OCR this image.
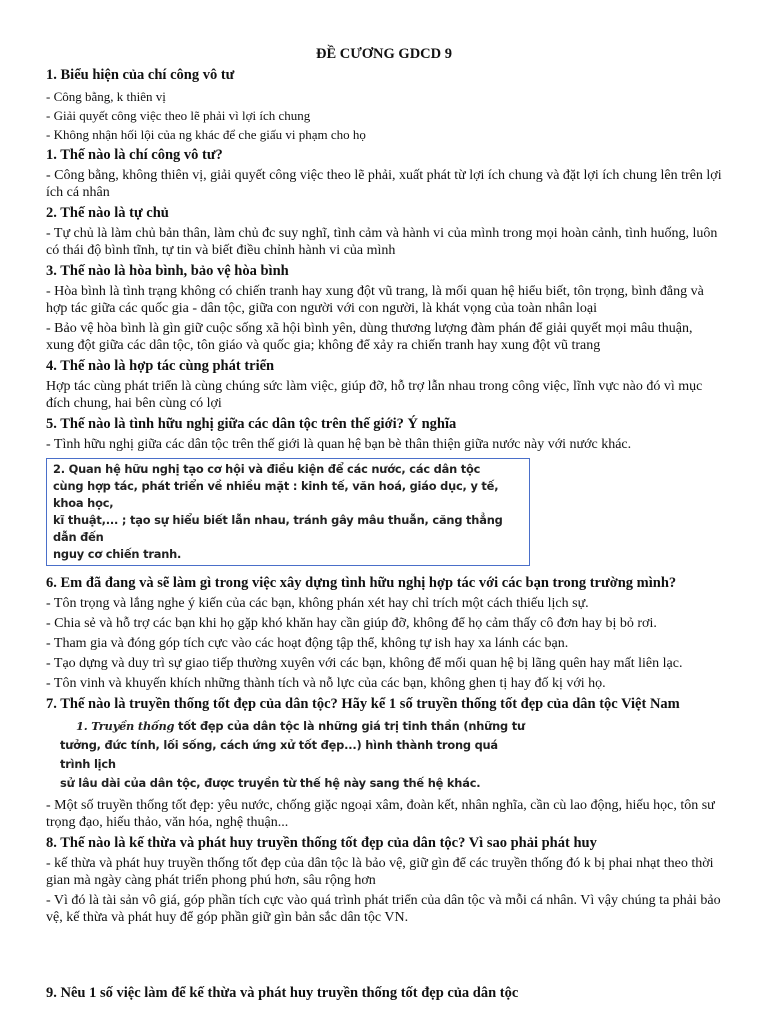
ĐỀ CƯƠNG GDCD 9
1. Biểu hiện của chí công vô tư
- Công bằng, k thiên vị
- Giải quyết công việc theo lẽ phải vì lợi ích chung
- Không nhận hối lội của ng khác để che giấu vi phạm cho họ
1. Thế nào là chí công vô tư?
- Công bằng, không thiên vị, giải quyết công việc theo lẽ phải, xuất phát từ lợi ích chung và đặt lợi ích chung lên trên lợi ích cá nhân
2. Thế nào là tự chủ
- Tự chủ là làm chủ bản thân, làm chủ đc suy nghĩ, tình cảm và hành vi của mình trong mọi hoàn cảnh, tình huống, luôn có thái độ bình tĩnh, tự tin và biết điều chỉnh hành vi của mình
3. Thế nào là hòa bình, bảo vệ hòa bình
- Hòa bình là tình trạng không có chiến tranh hay xung đột vũ trang, là mối quan hệ hiểu biết, tôn trọng, bình đẳng và hợp tác giữa các quốc gia - dân tộc, giữa con người với con người, là khát vọng của toàn nhân loại
- Bảo vệ hòa bình là gìn giữ cuộc sống xã hội bình yên, dùng thương lượng đàm phán để giải quyết mọi mâu thuận, xung đột giữa các dân tộc, tôn giáo và quốc gia; không để xảy ra chiến tranh hay xung đột vũ trang
4. Thế nào là hợp tác cùng phát triển
Hợp tác cùng phát triển là cùng chúng sức làm việc, giúp đỡ, hỗ trợ lẫn nhau trong công việc, lĩnh vực nào đó vì mục đích chung, hai bên cùng có lợi
5. Thế nào là tình hữu nghị giữa các dân tộc trên thế giới? Ý nghĩa
- Tình hữu nghị giữa các dân tộc trên thế giới là quan hệ bạn bè thân thiện giữa nước này với nước khác.
2. Quan hệ hữu nghị tạo cơ hội và điều kiện để các nước, các dân tộc
cùng hợp tác, phát triển về nhiều mặt : kinh tế, văn hoá, giáo dục, y tế, khoa học,
kĩ thuật,... ; tạo sự hiểu biết lẫn nhau, tránh gây mâu thuẫn, căng thẳng dẫn đến
nguy cơ chiến tranh.
6. Em đã đang và sẽ làm gì trong việc xây dựng tình hữu nghị hợp tác với các bạn trong trường mình?
- Tôn trọng và lắng nghe ý kiến của các bạn, không phán xét hay chỉ trích một cách thiếu lịch sự.
- Chia sẻ và hỗ trợ các bạn khi họ gặp khó khăn hay cần giúp đỡ, không để họ cảm thấy cô đơn hay bị bỏ rơi.
- Tham gia và đóng góp tích cực vào các hoạt động tập thể, không tự ish hay xa lánh các bạn.
- Tạo dựng và duy trì sự giao tiếp thường xuyên với các bạn, không để mối quan hệ bị lãng quên hay mất liên lạc.
- Tôn vinh và khuyến khích những thành tích và nỗ lực của các bạn, không ghen tị hay đố kị với họ.
7. Thế nào là truyền thống tốt đẹp của dân tộc? Hãy kể 1 số truyền thống tốt đẹp của dân tộc Việt Nam
1. Truyền thống tốt đẹp của dân tộc là những giá trị tinh thần (những tư
tưởng, đức tính, lối sống, cách ứng xử tốt đẹp...) hình thành trong quá trình lịch
sử lâu dài của dân tộc, được truyền từ thế hệ này sang thế hệ khác.
- Một số truyền thống tốt đẹp: yêu nước, chống giặc ngoại xâm, đoàn kết, nhân nghĩa, cần cù lao động, hiếu học, tôn sư trọng đạo, hiếu thảo, văn hóa, nghệ thuận...
8. Thế nào là kế thừa và phát huy truyền thống tốt đẹp của dân tộc? Vì sao phải phát huy
- kế thừa và phát huy truyền thống tốt đẹp của dân tộc là bảo vệ, giữ gìn để các truyền thống đó k bị phai nhạt theo thời gian mà ngày càng phát triển phong phú hơn, sâu rộng hơn
- Vì đó là tài sản vô giá, góp phần tích cực vào quá trình phát triển của dân tộc và mỗi cá nhân. Vì vậy chúng ta phải bảo vệ, kế thừa và phát huy để góp phần giữ gìn bản sắc dân tộc VN.
9. Nêu 1 số việc làm để kế thừa và phát huy truyền thống tốt đẹp của dân tộc
